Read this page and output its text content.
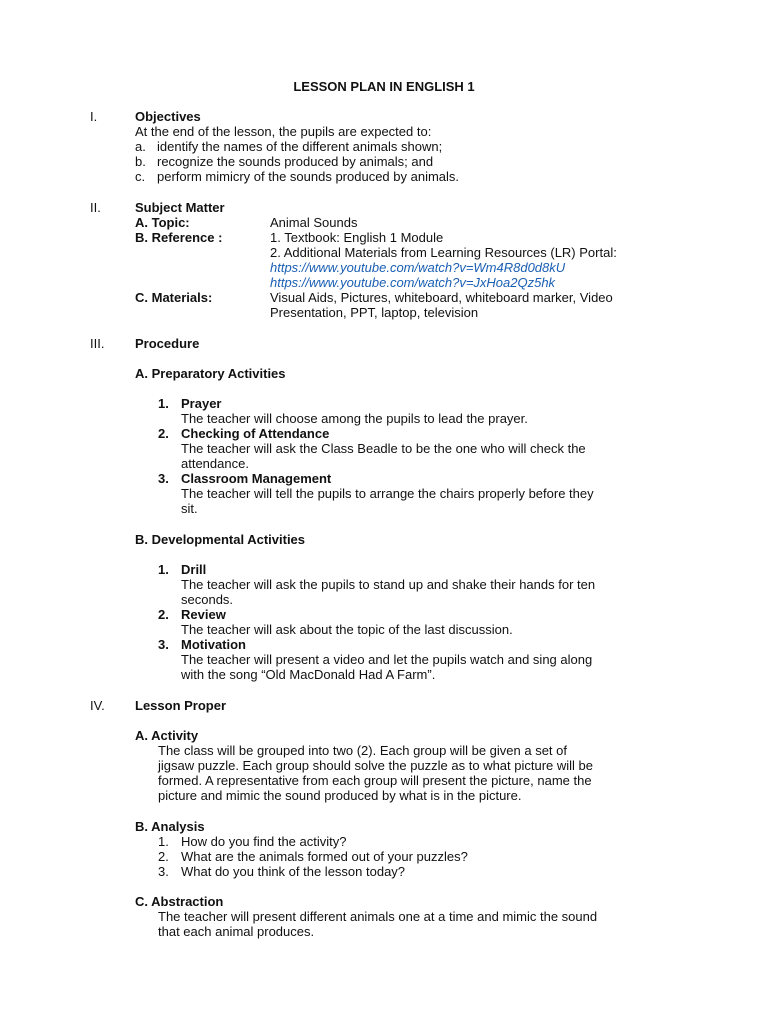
LESSON PLAN IN ENGLISH 1
I.	Objectives
At the end of the lesson, the pupils are expected to:
a. identify the names of the different animals shown;
b. recognize the sounds produced by animals; and
c. perform mimicry of the sounds produced by animals.
II.	Subject Matter
A. Topic:	Animal Sounds
B. Reference :	1. Textbook: English 1 Module
2. Additional Materials from Learning Resources (LR) Portal:
https://www.youtube.com/watch?v=Wm4R8d0d8kU
https://www.youtube.com/watch?v=JxHoa2Qz5hk
C. Materials:	Visual Aids, Pictures, whiteboard, whiteboard marker, Video
Presentation, PPT, laptop, television
III. Procedure
A. Preparatory Activities
1. Prayer
The teacher will choose among the pupils to lead the prayer.
2. Checking of Attendance
The teacher will ask the Class Beadle to be the one who will check the
attendance.
3. Classroom Management
The teacher will tell the pupils to arrange the chairs properly before they
sit.
B. Developmental Activities
1. Drill
The teacher will ask the pupils to stand up and shake their hands for ten
seconds.
2. Review
The teacher will ask about the topic of the last discussion.
3. Motivation
The teacher will present a video and let the pupils watch and sing along
with the song “Old MacDonald Had A Farm”.
IV. Lesson Proper
A. Activity
The class will be grouped into two (2). Each group will be given a set of
jigsaw puzzle. Each group should solve the puzzle as to what picture will be
formed. A representative from each group will present the picture, name the
picture and mimic the sound produced by what is in the picture.
B. Analysis
1. How do you find the activity?
2. What are the animals formed out of your puzzles?
3. What do you think of the lesson today?
C. Abstraction
The teacher will present different animals one at a time and mimic the sound
that each animal produces.
